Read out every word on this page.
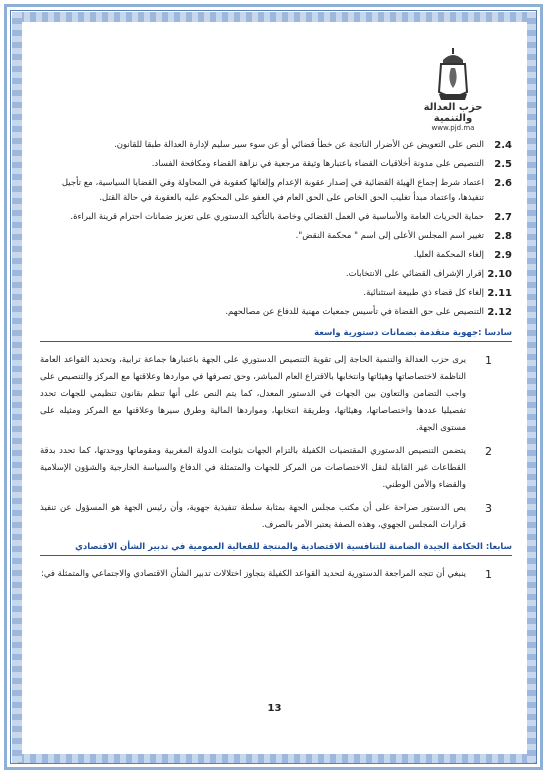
حزب العدالة والتنمية
www.pjd.ma
2.4
النص على التعويض عن الأضرار الناتجة عن خطأ قضائي أو عن سوء سير سليم لإدارة العدالة طبقا للقانون.
2.5
التنصيص على مدونة أخلاقيات القضاء باعتبارها وثيقة مرجعية في نزاهة القضاء ومكافحة الفساد.
2.6
اعتماد شرط إجماع الهيئة القضائية في إصدار عقوبة الإعدام وإلغائها كعقوبة في المحاولة وفي القضايا السياسية، مع تأجيل تنفيذها، واعتماد مبدأ تغليب الحق الخاص على الحق العام في العفو على المحكوم عليه بالعقوبة في حالة القتل.
2.7
حماية الحريات العامة والأساسية في العمل القضائي وخاصة بالتأكيد الدستوري على تعزيز ضمانات احترام قرينة البراءة.
2.8
تغيير اسم المجلس الأعلى إلى اسم " محكمة النقض".
2.9
إلغاء المحكمة العليا.
2.10
إقرار الإشراف القضائي على الانتخابات.
2.11
إلغاء كل قضاء ذي طبيعة استثنائية.
2.12
التنصيص على حق القضاة في تأسيس جمعيات مهنية للدفاع عن مصالحهم.
سادسا :جهوية متقدمة بضمانات دستورية واسعة
1
يرى حزب العدالة والتنمية الحاجة إلى تقوية التنصيص الدستوري على الجهة باعتبارها جماعة ترابية، وتحديد القواعد العامة الناظمة لاختصاصاتها وهيئاتها وانتخابها بالاقتراع العام المباشر، وحق تصرفها في مواردها وعلاقتها مع المركز والتنصيص على واجب التضامن والتعاون بين الجهات في الدستور المعدل، كما يتم النص على أنها تنظم بقانون تنظيمي للجهات تحدد تفصيليا عددها واختصاصاتها، وهيئاتها، وطريقة انتخابها، ومواردها المالية وطرق سيرها وعلاقتها مع المركز ومثيله على مستوى الجهة.
2
يتضمن التنصيص الدستوري المقتضيات الكفيلة بالتزام الجهات بثوابت الدولة المغربية ومقوماتها ووحدتها، كما تحدد بدقة القطاعات غير القابلة لنقل الاختصاصات من المركز للجهات والمتمثلة في الدفاع والسياسة الخارجية والشؤون الإسلامية والقضاء والأمن الوطني.
3
يص الدستور صراحة على أن مكتب مجلس الجهة بمثابة سلطة تنفيذية جهوية، وأن رئيس الجهة هو المسؤول عن تنفيذ قرارات المجلس الجهوي، وهذه الصفة يعتبر الآمر بالصرف.
سابعا: الحكامة الجيدة الضامنة للتنافسية الاقتصادية والمنتجة للفعالية العمومية في تدبير الشأن الاقتصادي
1
ينبغي أن تتجه المراجعة الدستورية لتحديد القواعد الكفيلة بتجاوز اختلالات تدبير الشأن الاقتصادي والاجتماعي والمتمثلة في:
13
